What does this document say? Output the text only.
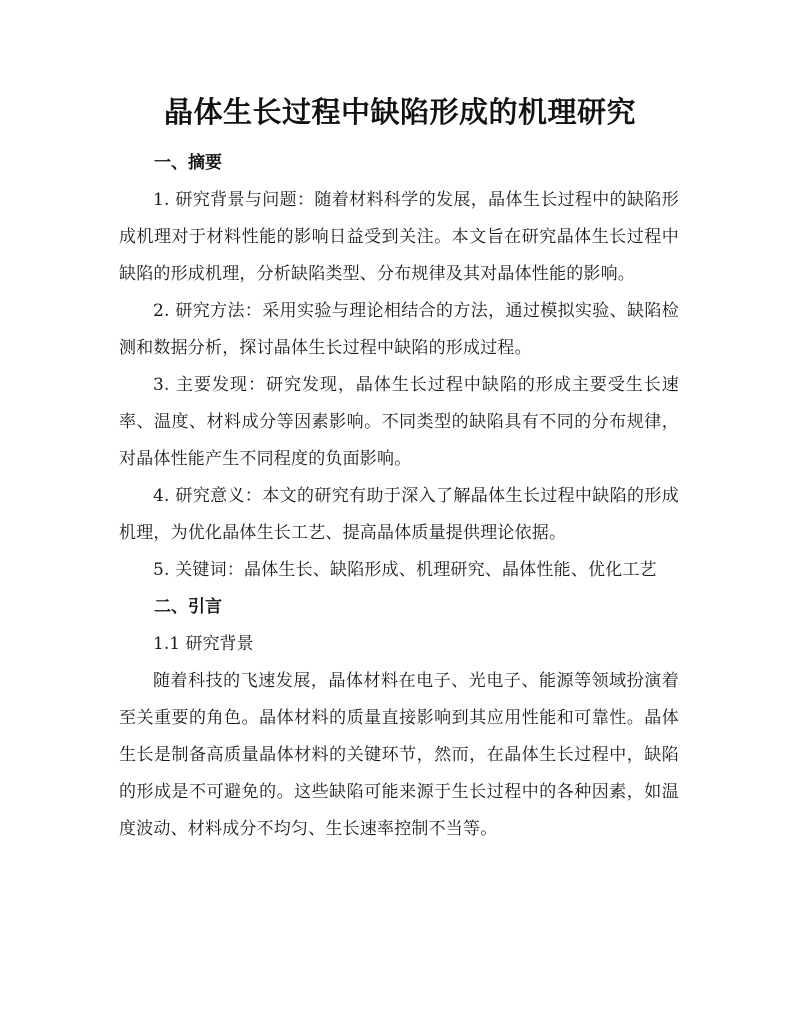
晶体生长过程中缺陷形成的机理研究

一、摘要

1. 研究背景与问题：随着材料科学的发展，晶体生长过程中的缺陷形成机理对于材料性能的影响日益受到关注。本文旨在研究晶体生长过程中缺陷的形成机理，分析缺陷类型、分布规律及其对晶体性能的影响。

2. 研究方法：采用实验与理论相结合的方法，通过模拟实验、缺陷检测和数据分析，探讨晶体生长过程中缺陷的形成过程。

3. 主要发现：研究发现，晶体生长过程中缺陷的形成主要受生长速率、温度、材料成分等因素影响。不同类型的缺陷具有不同的分布规律，对晶体性能产生不同程度的负面影响。

4. 研究意义：本文的研究有助于深入了解晶体生长过程中缺陷的形成机理，为优化晶体生长工艺、提高晶体质量提供理论依据。

5. 关键词：晶体生长、缺陷形成、机理研究、晶体性能、优化工艺

二、引言

1.1 研究背景

随着科技的飞速发展，晶体材料在电子、光电子、能源等领域扮演着至关重要的角色。晶体材料的质量直接影响到其应用性能和可靠性。晶体生长是制备高质量晶体材料的关键环节，然而，在晶体生长过程中，缺陷的形成是不可避免的。这些缺陷可能来源于生长过程中的各种因素，如温度波动、材料成分不均匀、生长速率控制不当等。
